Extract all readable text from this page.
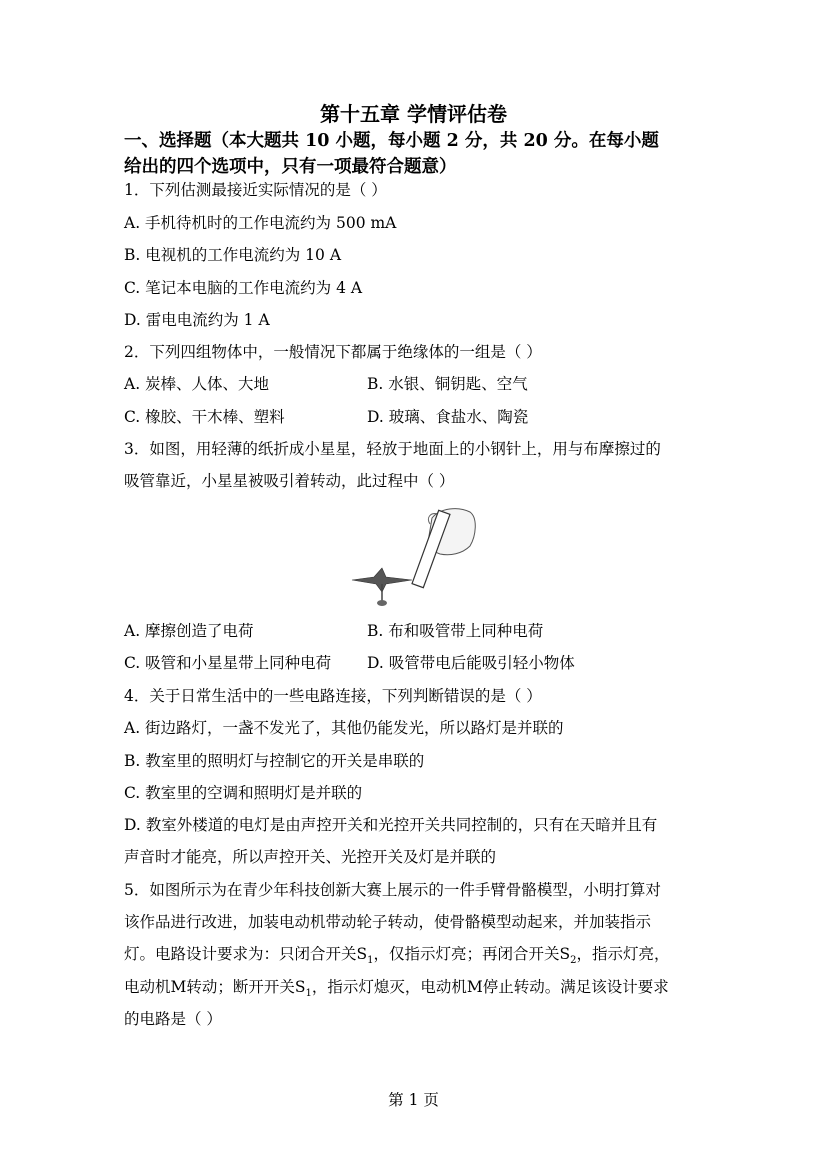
第十五章 学情评估卷
一、选择题（本大题共 10 小题，每小题 2 分，共 20 分。在每小题
给出的四个选项中，只有一项最符合题意）
1．下列估测最接近实际情况的是（ ）
A. 手机待机时的工作电流约为 500 mA
B. 电视机的工作电流约为 10 A
C. 笔记本电脑的工作电流约为 4 A
D. 雷电电流约为 1 A
2．下列四组物体中，一般情况下都属于绝缘体的一组是（ ）
A. 炭棒、人体、大地	B. 水银、铜钥匙、空气
C. 橡胶、干木棒、塑料	D. 玻璃、食盐水、陶瓷
3．如图，用轻薄的纸折成小星星，轻放于地面上的小钢针上，用与布摩擦过的
吸管靠近，小星星被吸引着转动，此过程中（ ）
A. 摩擦创造了电荷	B. 布和吸管带上同种电荷
C. 吸管和小星星带上同种电荷 D. 吸管带电后能吸引轻小物体
4．关于日常生活中的一些电路连接，下列判断错误的是（ ）
A. 街边路灯，一盏不发光了，其他仍能发光，所以路灯是并联的
B. 教室里的照明灯与控制它的开关是串联的
C. 教室里的空调和照明灯是并联的
D. 教室外楼道的电灯是由声控开关和光控开关共同控制的，只有在天暗并且有
声音时才能亮，所以声控开关、光控开关及灯是并联的
5．如图所示为在青少年科技创新大赛上展示的一件手臂骨骼模型，小明打算对
该作品进行改进，加装电动机带动轮子转动，使骨骼模型动起来，并加装指示
灯。电路设计要求为：只闭合开关$S_1$，仅指示灯亮；再闭合开关$S_2$，指示灯亮，
电动机M转动；断开开关$S_1$，指示灯熄灭，电动机M停止转动。满足该设计要求
的电路是（ ）
第 1 页
